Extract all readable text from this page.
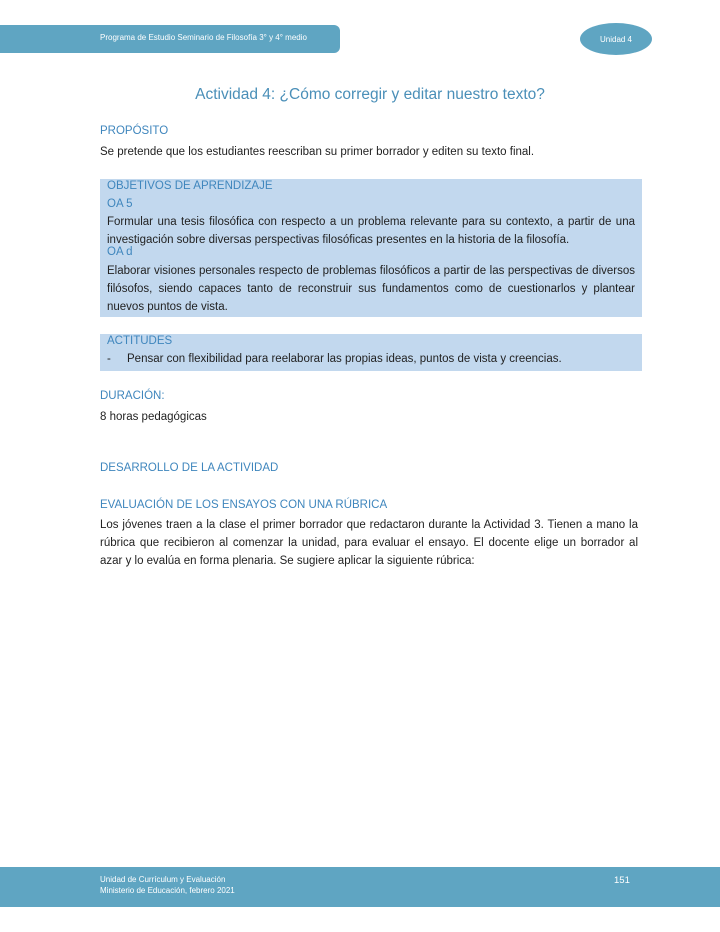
Programa de Estudio Seminario de Filosofía 3° y 4° medio	Unidad 4
Actividad 4: ¿Cómo corregir y editar nuestro texto?
PROPÓSITO
Se pretende que los estudiantes reescriban su primer borrador y editen su texto final.
OBJETIVOS DE APRENDIZAJE
OA 5
Formular una tesis filosófica con respecto a un problema relevante para su contexto, a partir de una investigación sobre diversas perspectivas filosóficas presentes en la historia de la filosofía.
OA d
Elaborar visiones personales respecto de problemas filosóficos a partir de las perspectivas de diversos filósofos, siendo capaces tanto de reconstruir sus fundamentos como de cuestionarlos y plantear nuevos puntos de vista.
ACTITUDES
- Pensar con flexibilidad para reelaborar las propias ideas, puntos de vista y creencias.
DURACIÓN:
8 horas pedagógicas
DESARROLLO DE LA ACTIVIDAD
EVALUACIÓN DE LOS ENSAYOS CON UNA RÚBRICA
Los jóvenes traen a la clase el primer borrador que redactaron durante la Actividad 3. Tienen a mano la rúbrica que recibieron al comenzar la unidad, para evaluar el ensayo. El docente elige un borrador al azar y lo evalúa en forma plenaria. Se sugiere aplicar la siguiente rúbrica:
Unidad de Currículum y Evaluación
Ministerio de Educación, febrero 2021
151
